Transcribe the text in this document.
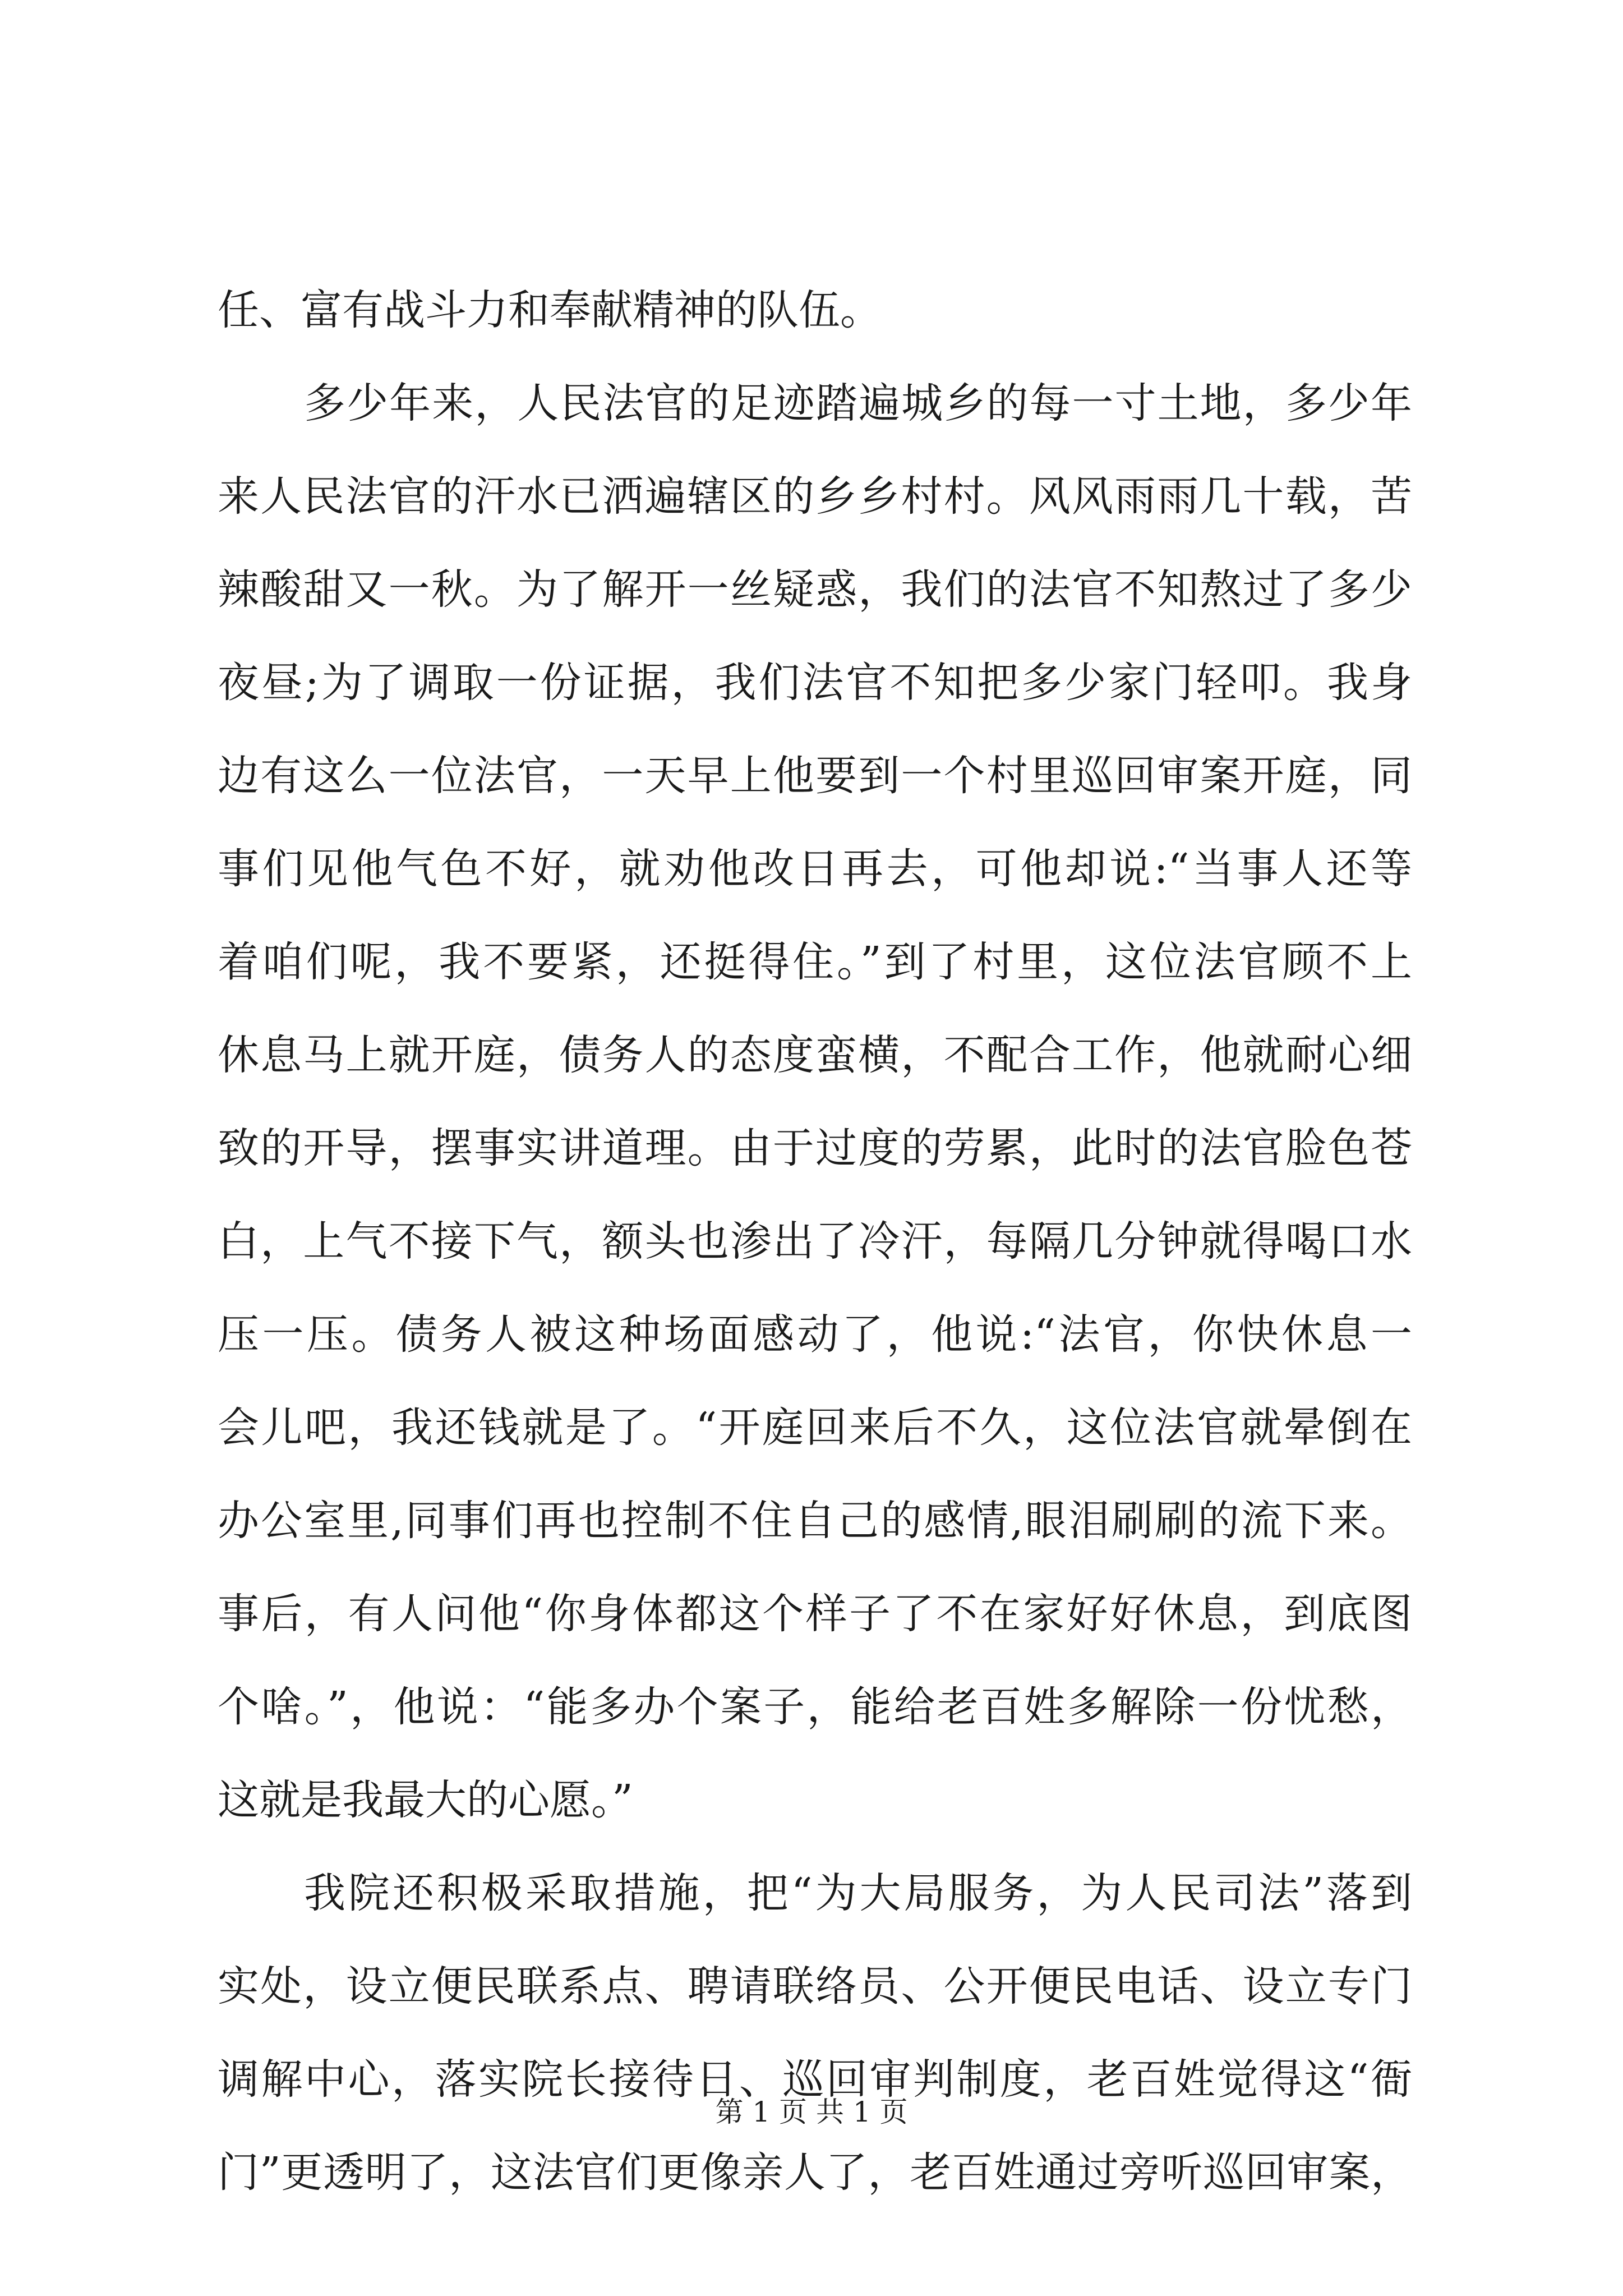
任、富有战斗力和奉献精神的队伍。
多少年来，人民法官的足迹踏遍城乡的每一寸土地，多少年
来人民法官的汗水已洒遍辖区的乡乡村村。风风雨雨几十载，苦
辣酸甜又一秋。为了解开一丝疑惑，我们的法官不知熬过了多少
夜昼;为了调取一份证据，我们法官不知把多少家门轻叩。我身
边有这么一位法官，一天早上他要到一个村里巡回审案开庭，同
事们见他气色不好，就劝他改日再去，可他却说:“当事人还等
着咱们呢，我不要紧，还挺得住。”到了村里，这位法官顾不上
休息马上就开庭，债务人的态度蛮横，不配合工作，他就耐心细
致的开导，摆事实讲道理。由于过度的劳累，此时的法官脸色苍
白，上气不接下气，额头也渗出了冷汗，每隔几分钟就得喝口水
压一压。债务人被这种场面感动了，他说:“法官，你快休息一
会儿吧，我还钱就是了。“开庭回来后不久，这位法官就晕倒在
办公室里,同事们再也控制不住自己的感情,眼泪刷刷的流下来。
事后，有人问他“你身体都这个样子了不在家好好休息，到底图
个啥。”，他说：“能多办个案子，能给老百姓多解除一份忧愁，
这就是我最大的心愿。”
我院还积极采取措施，把“为大局服务，为人民司法”落到
实处，设立便民联系点、聘请联络员、公开便民电话、设立专门
调解中心，落实院长接待日、巡回审判制度，老百姓觉得这“衙
门”更透明了，这法官们更像亲人了，老百姓通过旁听巡回审案，
第 1 页 共 1 页
